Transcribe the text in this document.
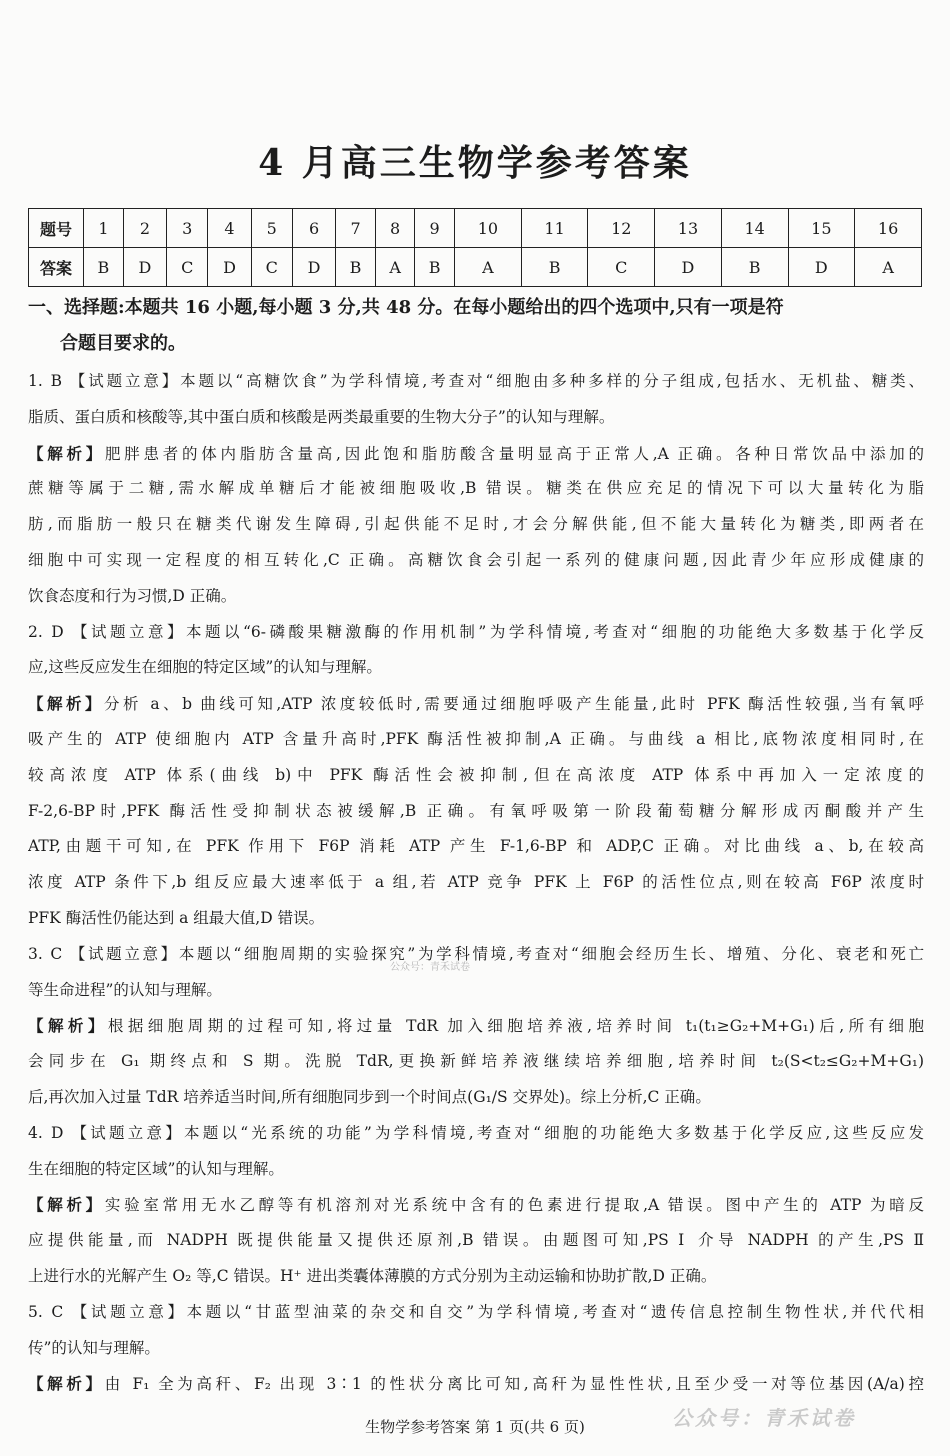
4 月高三生物学参考答案
题号	1	2	3	4	5	6	7	8	9	10	11	12	13	14	15	16
答案	B	D	C	D	C	D	B	A	B	A	B	C	D	B	D	A
一、选择题:本题共 16 小题,每小题 3 分,共 48 分。在每小题给出的四个选项中,只有一项是符
合题目要求的。
1. B 【试题立意】本题以“高糖饮食”为学科情境,考查对“细胞由多种多样的分子组成,包括水、无机盐、糖类、
脂质、蛋白质和核酸等,其中蛋白质和核酸是两类最重要的生物大分子”的认知与理解。
【解析】肥胖患者的体内脂肪含量高,因此饱和脂肪酸含量明显高于正常人,A 正确。各种日常饮品中添加的
蔗糖等属于二糖,需水解成单糖后才能被细胞吸收,B 错误。糖类在供应充足的情况下可以大量转化为脂
肪,而脂肪一般只在糖类代谢发生障碍,引起供能不足时,才会分解供能,但不能大量转化为糖类,即两者在
细胞中可实现一定程度的相互转化,C 正确。高糖饮食会引起一系列的健康问题,因此青少年应形成健康的
饮食态度和行为习惯,D 正确。
2. D 【试题立意】本题以“6-磷酸果糖激酶的作用机制”为学科情境,考查对“细胞的功能绝大多数基于化学反
应,这些反应发生在细胞的特定区域”的认知与理解。
【解析】分析 a、b 曲线可知,ATP 浓度较低时,需要通过细胞呼吸产生能量,此时 PFK 酶活性较强,当有氧呼
吸产生的 ATP 使细胞内 ATP 含量升高时,PFK 酶活性被抑制,A 正确。与曲线 a 相比,底物浓度相同时,在
较高浓度 ATP 体系(曲线 b)中 PFK 酶活性会被抑制,但在高浓度 ATP 体系中再加入一定浓度的
F-2,6-BP时,PFK 酶活性受抑制状态被缓解,B 正确。有氧呼吸第一阶段葡萄糖分解形成丙酮酸并产生
ATP,由题干可知,在 PFK 作用下 F6P 消耗 ATP 产生 F-1,6-BP 和 ADP,C 正确。对比曲线 a、b,在较高
浓度 ATP 条件下,b 组反应最大速率低于 a 组,若 ATP 竞争 PFK 上 F6P 的活性位点,则在较高 F6P 浓度时
PFK 酶活性仍能达到 a 组最大值,D 错误。
3. C 【试题立意】本题以“细胞周期的实验探究”为学科情境,考查对“细胞会经历生长、增殖、分化、衰老和死亡
等生命进程”的认知与理解。
【解析】根据细胞周期的过程可知,将过量 TdR 加入细胞培养液,培养时间 t₁(t₁≥G₂+M+G₁)后,所有细胞
会同步在 G₁ 期终点和 S 期。洗脱 TdR,更换新鲜培养液继续培养细胞,培养时间 t₂(S<t₂≤G₂+M+G₁)
后,再次加入过量 TdR 培养适当时间,所有细胞同步到一个时间点(G₁/S 交界处)。综上分析,C 正确。
4. D 【试题立意】本题以“光系统的功能”为学科情境,考查对“细胞的功能绝大多数基于化学反应,这些反应发
生在细胞的特定区域”的认知与理解。
【解析】实验室常用无水乙醇等有机溶剂对光系统中含有的色素进行提取,A 错误。图中产生的 ATP 为暗反
应提供能量,而 NADPH 既提供能量又提供还原剂,B 错误。由题图可知,PS Ⅰ 介导 NADPH 的产生,PS Ⅱ
上进行水的光解产生 O₂ 等,C 错误。H⁺ 进出类囊体薄膜的方式分别为主动运输和协助扩散,D 正确。
5. C 【试题立意】本题以“甘蓝型油菜的杂交和自交”为学科情境,考查对“遗传信息控制生物性状,并代代相
传”的认知与理解。
【解析】由 F₁ 全为高秆、F₂ 出现 3∶1 的性状分离比可知,高秆为显性性状,且至少受一对等位基因(A/a)控
公众号：青禾试卷
生物学参考答案 第 1 页(共 6 页)	公众号：青禾试卷
